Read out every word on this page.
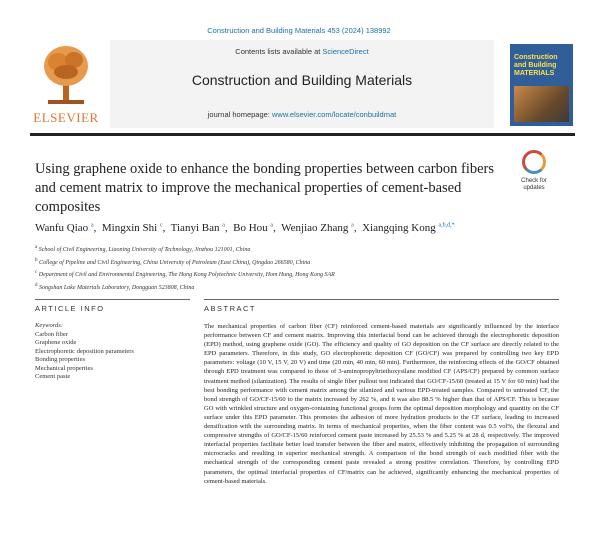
Construction and Building Materials 453 (2024) 138992
ELSEVIER
Contents lists available at ScienceDirect
Construction and Building Materials
journal homepage: www.elsevier.com/locate/conbuildmat
Construction and Building MATERIALS
Using graphene oxide to enhance the bonding properties between carbon fibers and cement matrix to improve the mechanical properties of cement-based composites
Check for updates
Wanfu Qiao $^a$,  Mingxin Shi $^c$,  Tianyi Ban $^a$,  Bo Hou $^a$,  Wenjiao Zhang $^a$,  Xiangqing Kong $^{a,b,d,*}$
$^a$ School of Civil Engineering, Liaoning University of Technology, Jinzhou 121001, China
$^b$ College of Pipeline and Civil Engineering, China University of Petroleum (East China), Qingdao 266580, China
$^c$ Department of Civil and Environmental Engineering, The Hong Kong Polytechnic University, Hom Hung, Hong Kong SAR
$^d$ Songshan Lake Materials Laboratory, Dongguan 523808, China
ARTICLE INFO	ABSTRACT
Keywords:
Carbon fiber
Graphene oxide
Electrophoretic deposition parameters
Bonding properties
Mechanical properties
Cement paste
The mechanical properties of carbon fiber (CF) reinforced cement-based materials are significantly influenced by the interface performance between CF and cement matrix. Improving this interfacial bond can be achieved through the electrophoretic deposition (EPD) method, using graphene oxide (GO). The efficiency and quality of GO deposition on the CF surface are directly related to the EPD parameters. Therefore, in this study, GO electrophoretic deposition CF (GO/CF) was prepared by controlling two key EPD parameters: voltage (10 V, 15 V, 20 V) and time (20 min, 40 min, 60 min). Furthermore, the reinforcing effects of the GO/CF obtained through EPD treatment was compared to those of 3-aminopropyltriethoxysilane modified CF (APS/CF) prepared by common surface treatment method (silanization). The results of single fiber pullout test indicated that GO/CF-15/60 (treated at 15 V for 60 min) had the best bonding performance with cement matrix among the silanized and various EPD-treated samples. Compared to untreated CF, the bond strength of GO/CF-15/60 to the matrix increased by 262 %, and it was also 88.5 % higher than that of APS/CF. This is because GO with wrinkled structure and oxygen-containing functional groups form the optimal deposition morphology and quantity on the CF surface under this EPD parameter. This promotes the adhesion of more hydration products to the CF surface, leading to increased densification with the surrounding matrix. In terms of mechanical properties, when the fiber content was 0.5 vol%, the flexural and compressive strengths of GO/CF-15/60 reinforced cement paste increased by 25.53 % and 5.25 % at 28 d, respectively. The improved interfacial properties facilitate better load transfer between the fiber and matrix, effectively inhibiting the propagation of surrounding microcracks and resulting in superior mechanical strength. A comparison of the bond strength of each modified fiber with the mechanical strength of the corresponding cement paste revealed a strong positive correlation. Therefore, by controlling EPD parameters, the optimal interfacial properties of CF/matrix can be achieved, significantly enhancing the mechanical properties of cement-based materials.
